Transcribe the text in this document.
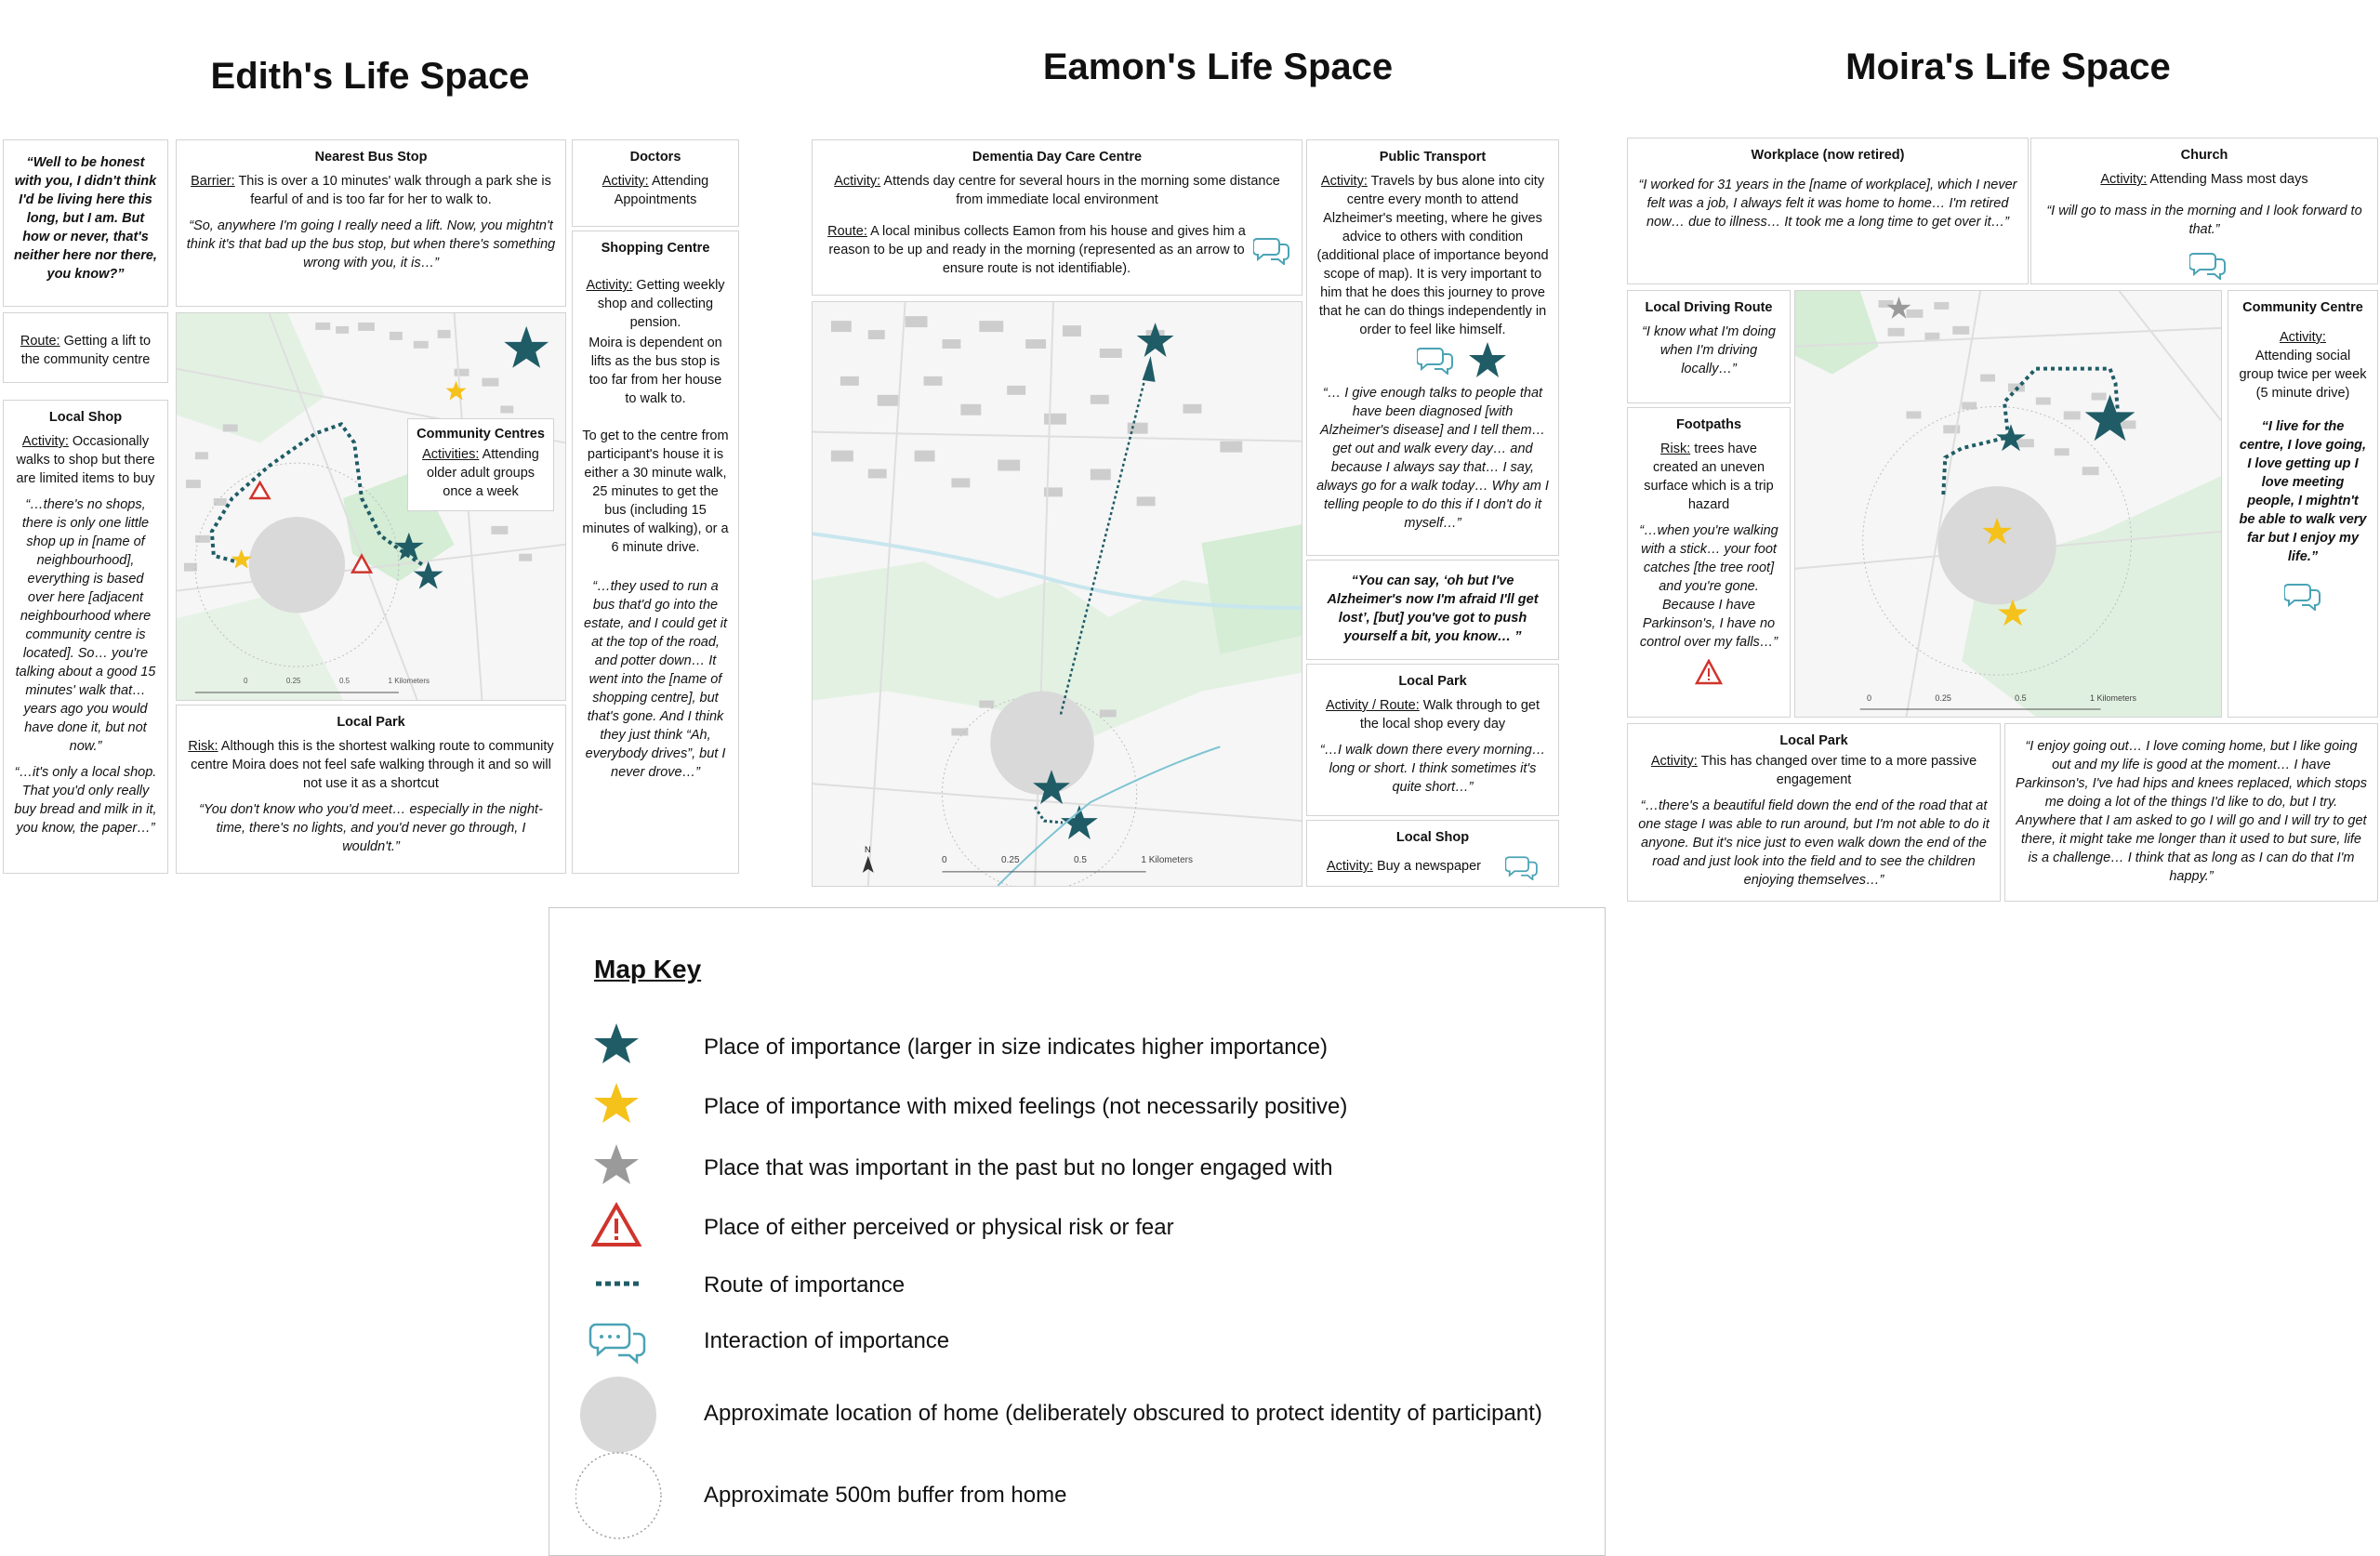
Edith's Life Space	Eamon's Life Space	Moira's Life Space
“Well to be honest with you, I didn't think I'd be living here this long, but I am. But how or never, that's neither here nor there, you know?”
Route: Getting a lift to the community centre
Local Shop
Activity: Occasionally walks to shop but there are limited items to buy
“…there's no shops, there is only one little shop up in [name of neighbourhood], everything is based over here [adjacent neighbourhood where community centre is located]. So… you're talking about a good 15 minutes' walk that… years ago you would have done it, but not now.”
“…it's only a local shop. That you'd only really buy bread and milk in it, you know, the paper…”
Nearest Bus Stop
Barrier: This is over a 10 minutes' walk through a park she is fearful of and is too far for her to walk to.
“So, anywhere I'm going I really need a lift. Now, you mightn't think it's that bad up the bus stop, but when there's something wrong with you, it is…”
Doctors
Activity: Attending Appointments
Shopping Centre
Activity: Getting weekly shop and collecting pension.
Moira is dependent on lifts as the bus stop is too far from her house to walk to.
To get to the centre from participant's house it is either a 30 minute walk, 25 minutes to get the bus (including 15 minutes of walking), or a 6 minute drive.
“…they used to run a bus that'd go into the estate, and I could get it at the top of the road, and potter down… It went into the [name of shopping centre], but that's gone. And I think they just think “Ah, everybody drives”, but I never drove…”
Community Centres
Activities: Attending older adult groups once a week
0	0.25	0.5	1 Kilometers
Local Park
Risk: Although this is the shortest walking route to community centre Moira does not feel safe walking through it and so will not use it as a shortcut
“You don't know who you'd meet… especially in the night-time, there's no lights, and you'd never go through, I wouldn't.”
Dementia Day Care Centre
Activity: Attends day centre for several hours in the morning some distance from immediate local environment
Route: A local minibus collects Eamon from his house and gives him a reason to be up and ready in the morning (represented as an arrow to ensure route is not identifiable).
N
0	0.25	0.5	1 Kilometers
Public Transport
Activity: Travels by bus alone into city centre every month to attend Alzheimer's meeting, where he gives advice to others with condition (additional place of importance beyond scope of map). It is very important to him that he does this journey to prove that he can do things independently in order to feel like himself.
“… I give enough talks to people that have been diagnosed [with Alzheimer's disease] and I tell them… get out and walk every day… and because I always say that… I say, always go for a walk today… Why am I telling people to do this if I don't do it myself…”
“You can say, ‘oh but I've Alzheimer's now I'm afraid I'll get lost’, [but] you've got to push yourself a bit, you know… ”
Local Park
Activity / Route: Walk through to get the local shop every day
“…I walk down there every morning… long or short. I think sometimes it's quite short…”
Local Shop
Activity: Buy a newspaper
Workplace (now retired)
“I worked for 31 years in the [name of workplace], which I never felt was a job, I always felt it was home to home… I'm retired now… due to illness… It took me a long time to get over it…”
Church
Activity: Attending Mass most days
“I will go to mass in the morning and I look forward to that.”
Local Driving Route
“I know what I'm doing when I'm driving locally…”
Footpaths
Risk: trees have created an uneven surface which is a trip hazard
“…when you're walking with a stick… your foot catches [the tree root] and you're gone. Because I have Parkinson's, I have no control over my falls…”
0	0.25	0.5	1 Kilometers
Community Centre
Activity:
Attending social group twice per week (5 minute drive)
“I live for the centre, I love going, I love getting up I love meeting people, I mightn't be able to walk very far but I enjoy my life.”
Local Park
Activity: This has changed over time to a more passive engagement
“…there's a beautiful field down the end of the road that at one stage I was able to run around, but I'm not able to do it anyone. But it's nice just to even walk down the end of the road and just look into the field and to see the children enjoying themselves…”
“I enjoy going out… I love coming home, but I like going out and my life is good at the moment… I have Parkinson's, I've had hips and knees replaced, which stops me doing a lot of the things I'd like to do, but I try. Anywhere that I am asked to go I will go and I will try to get there, it might take me longer than it used to but sure, life is a challenge… I think that as long as I can do that I'm happy.”
Map Key
Place of importance (larger in size indicates higher importance)
Place of importance with mixed feelings (not necessarily positive)
Place that was important in the past but no longer engaged with
Place of either perceived or physical risk or fear
Route of importance
Interaction of importance
Approximate location of home (deliberately obscured to protect identity of participant)
Approximate 500m buffer from home
